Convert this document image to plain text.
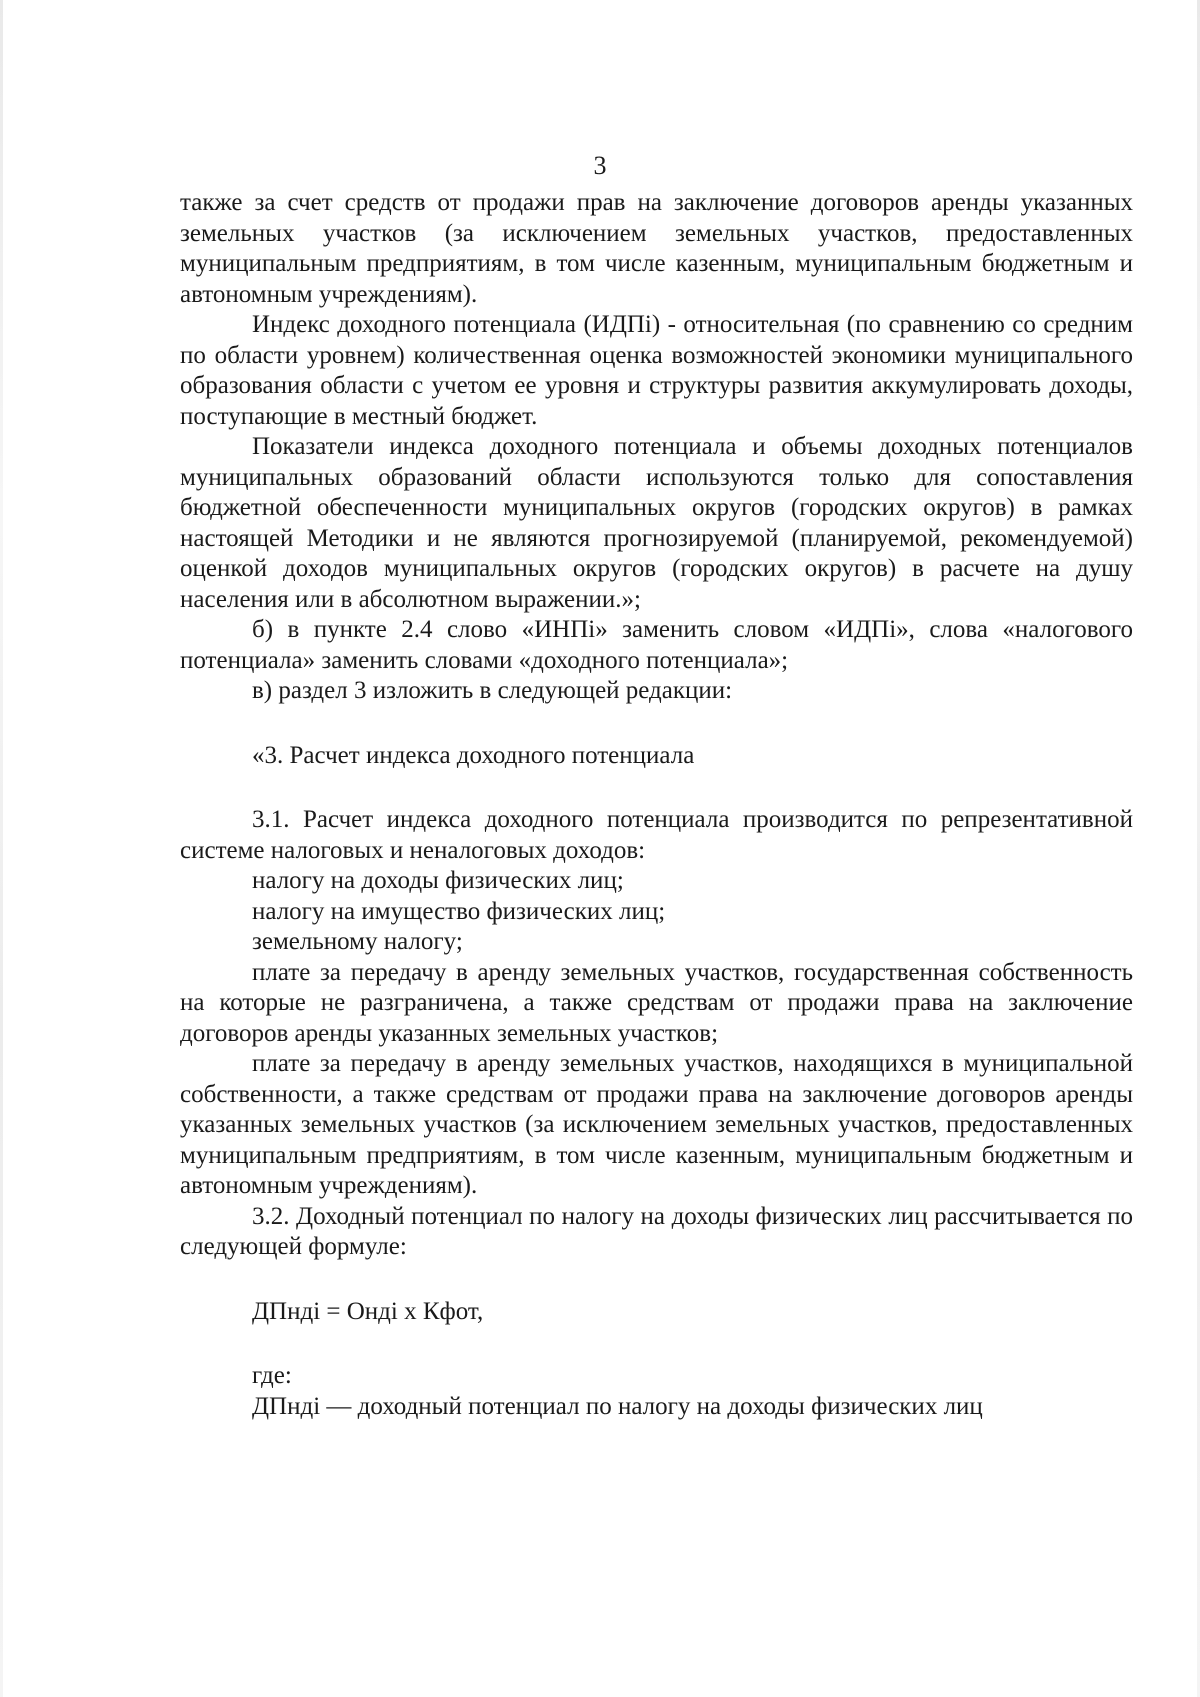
3

также за счет средств от продажи прав на заключение договоров аренды указанных земельных участков (за исключением земельных участков, предоставленных муниципальным предприятиям, в том числе казенным, муниципальным бюджетным и автономным учреждениям).

Индекс доходного потенциала (ИДПi) - относительная (по сравнению со средним по области уровнем) количественная оценка возможностей экономики муниципального образования области с учетом ее уровня и структуры развития аккумулировать доходы, поступающие в местный бюджет.

Показатели индекса доходного потенциала и объемы доходных потенциалов муниципальных образований области используются только для сопоставления бюджетной обеспеченности муниципальных округов (городских округов) в рамках настоящей Методики и не являются прогнозируемой (планируемой, рекомендуемой) оценкой доходов муниципальных округов (городских округов) в расчете на душу населения или в абсолютном выражении.»;

б) в пункте 2.4 слово «ИНПi» заменить словом «ИДПi», слова «налогового потенциала» заменить словами «доходного потенциала»;

в) раздел 3 изложить в следующей редакции:

«3. Расчет индекса доходного потенциала

3.1. Расчет индекса доходного потенциала производится по репрезентативной системе налоговых и неналоговых доходов:

налогу на доходы физических лиц;

налогу на имущество физических лиц;

земельному налогу;

плате за передачу в аренду земельных участков, государственная собственность на которые не разграничена, а также средствам от продажи права на заключение договоров аренды указанных земельных участков;

плате за передачу в аренду земельных участков, находящихся в муниципальной собственности, а также средствам от продажи права на заключение договоров аренды указанных земельных участков (за исключением земельных участков, предоставленных муниципальным предприятиям, в том числе казенным, муниципальным бюджетным и автономным учреждениям).

3.2. Доходный потенциал по налогу на доходы физических лиц рассчитывается по следующей формуле:

ДПндi = Ондi х Кфот,

где:

ДПндi — доходный потенциал по налогу на доходы физических лиц
